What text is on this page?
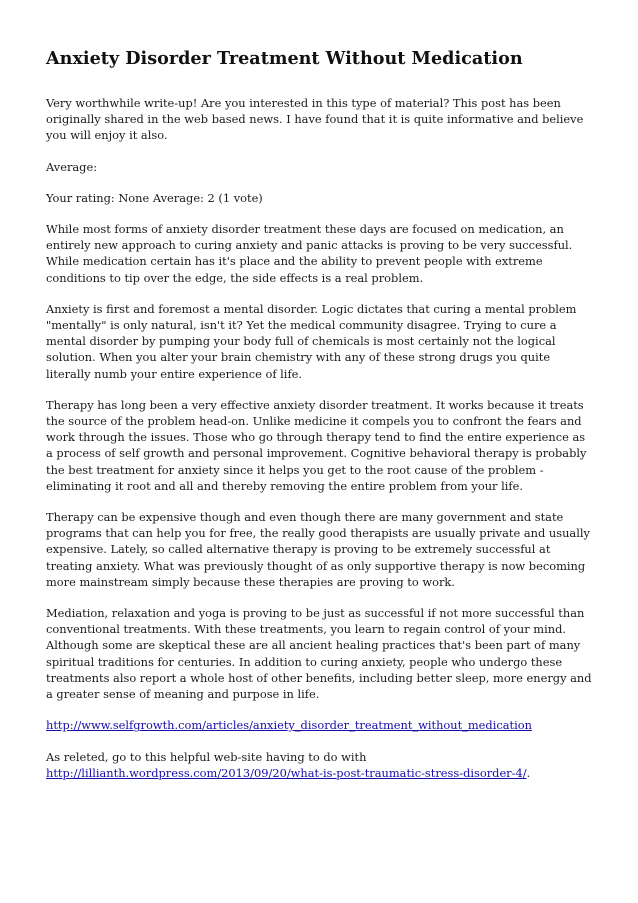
Anxiety Disorder Treatment Without Medication

Very worthwhile write-up! Are you interested in this type of material? This post has been originally shared in the web based news. I have found that it is quite informative and believe you will enjoy it also.

Average:

Your rating: None Average: 2 (1 vote)

While most forms of anxiety disorder treatment these days are focused on medication, an entirely new approach to curing anxiety and panic attacks is proving to be very successful. While medication certain has it's place and the ability to prevent people with extreme conditions to tip over the edge, the side effects is a real problem.

Anxiety is first and foremost a mental disorder. Logic dictates that curing a mental problem "mentally" is only natural, isn't it? Yet the medical community disagree. Trying to cure a mental disorder by pumping your body full of chemicals is most certainly not the logical solution. When you alter your brain chemistry with any of these strong drugs you quite literally numb your entire experience of life.

Therapy has long been a very effective anxiety disorder treatment. It works because it treats the source of the problem head-on. Unlike medicine it compels you to confront the fears and work through the issues. Those who go through therapy tend to find the entire experience as a process of self growth and personal improvement. Cognitive behavioral therapy is probably the best treatment for anxiety since it helps you get to the root cause of the problem - eliminating it root and all and thereby removing the entire problem from your life.

Therapy can be expensive though and even though there are many government and state programs that can help you for free, the really good therapists are usually private and usually expensive. Lately, so called alternative therapy is proving to be extremely successful at treating anxiety. What was previously thought of as only supportive therapy is now becoming more mainstream simply because these therapies are proving to work.

Mediation, relaxation and yoga is proving to be just as successful if not more successful than conventional treatments. With these treatments, you learn to regain control of your mind. Although some are skeptical these are all ancient healing practices that's been part of many spiritual traditions for centuries. In addition to curing anxiety, people who undergo these treatments also report a whole host of other benefits, including better sleep, more energy and a greater sense of meaning and purpose in life.

http://www.selfgrowth.com/articles/anxiety_disorder_treatment_without_medication

As releted, go to this helpful web-site having to do with
http://lillianth.wordpress.com/2013/09/20/what-is-post-traumatic-stress-disorder-4/.
